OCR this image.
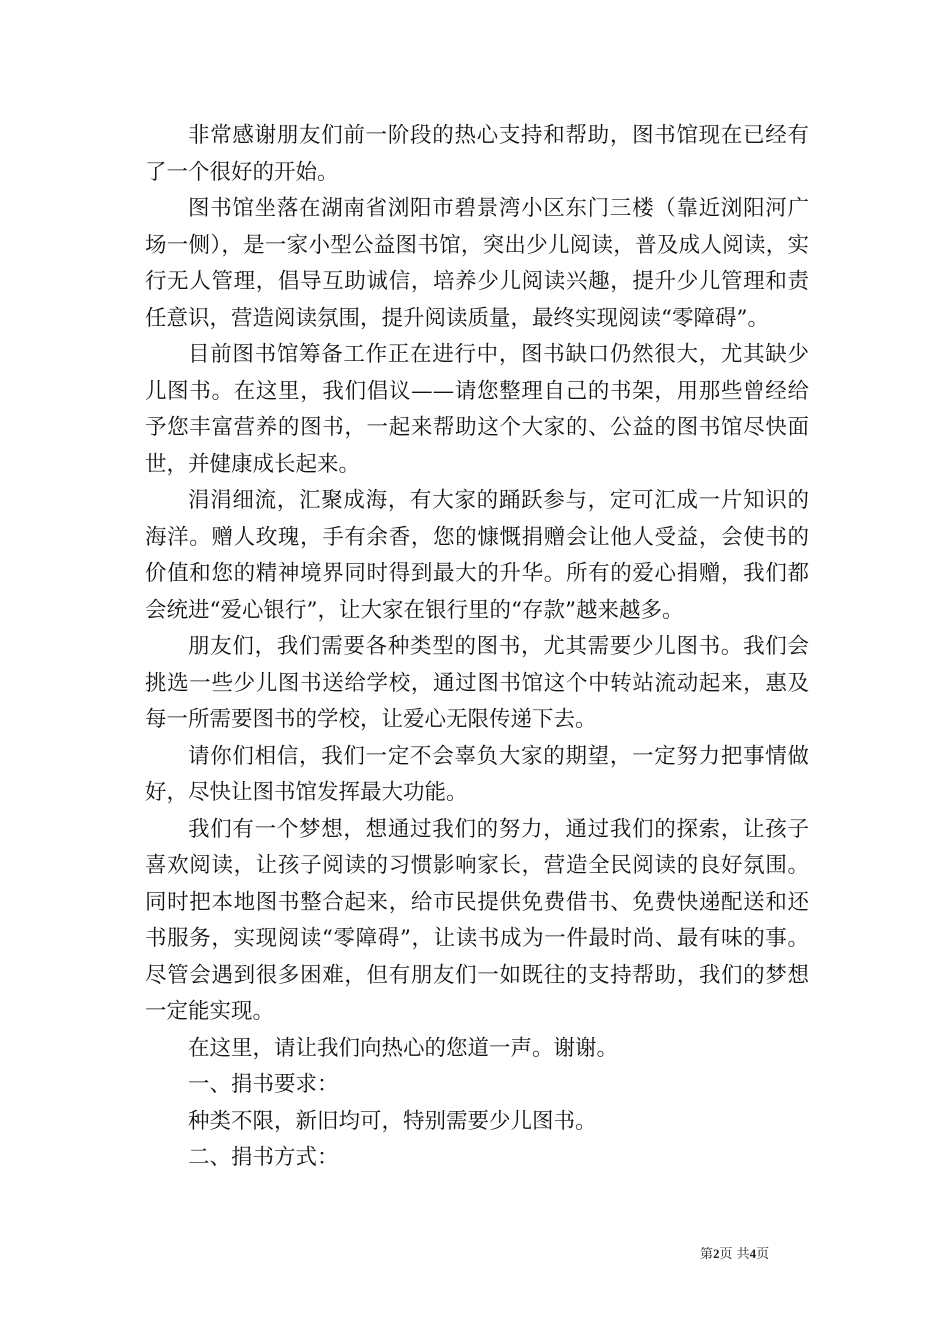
非常感谢朋友们前一阶段的热心支持和帮助，图书馆现在已经有了一个很好的开始。

图书馆坐落在湖南省浏阳市碧景湾小区东门三楼（靠近浏阳河广场一侧），是一家小型公益图书馆，突出少儿阅读，普及成人阅读，实行无人管理，倡导互助诚信，培养少儿阅读兴趣，提升少儿管理和责任意识，营造阅读氛围，提升阅读质量，最终实现阅读“零障碍”。

目前图书馆筹备工作正在进行中，图书缺口仍然很大，尤其缺少儿图书。在这里，我们倡议——请您整理自己的书架，用那些曾经给予您丰富营养的图书，一起来帮助这个大家的、公益的图书馆尽快面世，并健康成长起来。

涓涓细流，汇聚成海，有大家的踊跃参与，定可汇成一片知识的海洋。赠人玫瑰，手有余香，您的慷慨捐赠会让他人受益，会使书的价值和您的精神境界同时得到最大的升华。所有的爱心捐赠，我们都会统进“爱心银行”，让大家在银行里的“存款”越来越多。

朋友们，我们需要各种类型的图书，尤其需要少儿图书。我们会挑选一些少儿图书送给学校，通过图书馆这个中转站流动起来，惠及每一所需要图书的学校，让爱心无限传递下去。

请你们相信，我们一定不会辜负大家的期望，一定努力把事情做好，尽快让图书馆发挥最大功能。

我们有一个梦想，想通过我们的努力，通过我们的探索，让孩子喜欢阅读，让孩子阅读的习惯影响家长，营造全民阅读的良好氛围。同时把本地图书整合起来，给市民提供免费借书、免费快递配送和还书服务，实现阅读“零障碍”，让读书成为一件最时尚、最有味的事。尽管会遇到很多困难，但有朋友们一如既往的支持帮助，我们的梦想一定能实现。

在这里，请让我们向热心的您道一声。谢谢。

一、捐书要求：

种类不限，新旧均可，特别需要少儿图书。

二、捐书方式：

第2页 共4页
